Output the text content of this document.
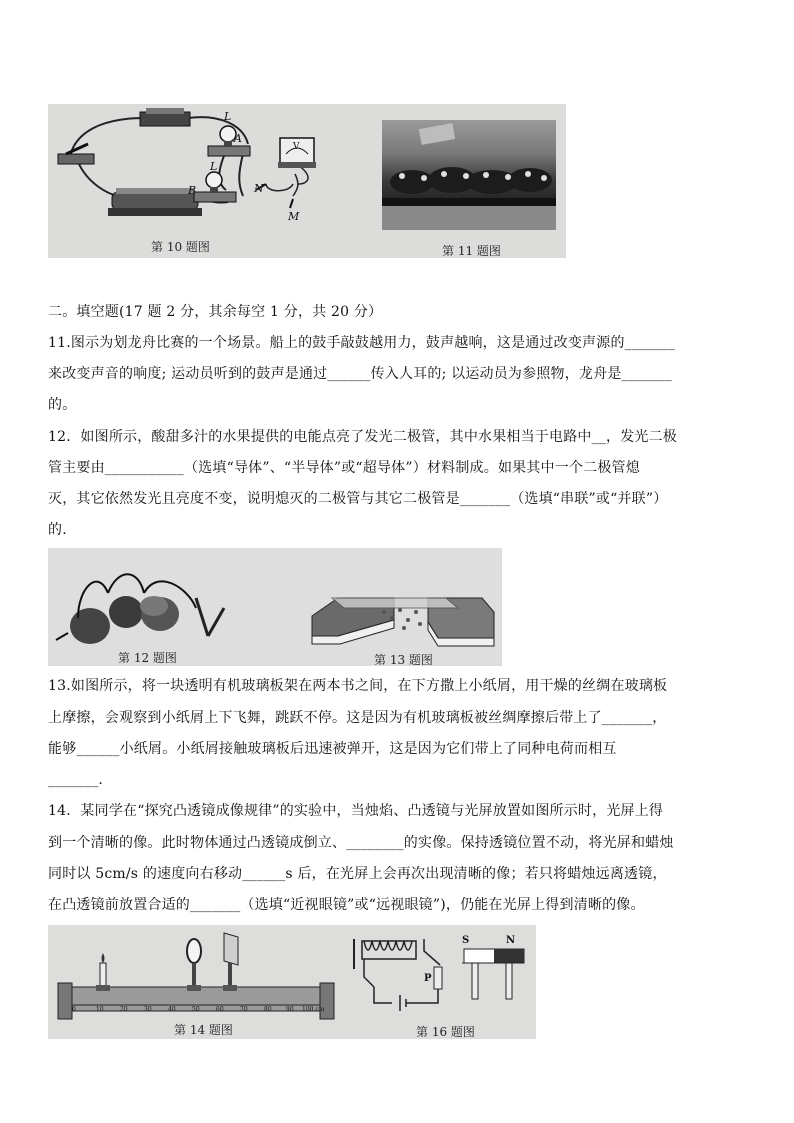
L
A
L
B
V
N
M
第 10 题图	第 11 题图
二。填空题(17 题 2 分，其余每空 1 分，共 20 分）
11.图示为划龙舟比赛的一个场景。船上的鼓手敲鼓越用力，鼓声越响，这是通过改变声源的_______
来改变声音的响度; 运动员听到的鼓声是通过______传入人耳的; 以运动员为参照物，龙舟是_______
的。
12．如图所示，酸甜多汁的水果提供的电能点亮了发光二极管，其中水果相当于电路中__，发光二极
管主要由___________（选填“导体”、“半导体”或“超导体”）材料制成。如果其中一个二极管熄
灭，其它依然发光且亮度不变，说明熄灭的二极管与其它二极管是_______（选填“串联”或“并联”）
的.
第 12 题图	第 13 题图
13.如图所示，将一块透明有机玻璃板架在两本书之间，在下方撒上小纸屑，用干燥的丝绸在玻璃板
上摩擦，会观察到小纸屑上下飞舞，跳跃不停。这是因为有机玻璃板被丝绸摩擦后带上了_______，
能够______小纸屑。小纸屑接触玻璃板后迅速被弹开，这是因为它们带上了同种电荷而相互
_______.
14．某同学在“探究凸透镜成像规律”的实验中，当烛焰、凸透镜与光屏放置如图所示时，光屏上得
到一个清晰的像。此时物体通过凸透镜成倒立、________的实像。保持透镜位置不动，将光屏和蜡烛
同时以 5cm/s 的速度向右移动______s 后，在光屏上会再次出现清晰的像；若只将蜡烛远离透镜，
在凸透镜前放置合适的_______（选填“近视眼镜”或“远视眼镜”)，仍能在光屏上得到清晰的像。
0	10	20	30	40	50	60	70	80 90 100 cm
第 14 题图
P
S	N
第 16 题图
